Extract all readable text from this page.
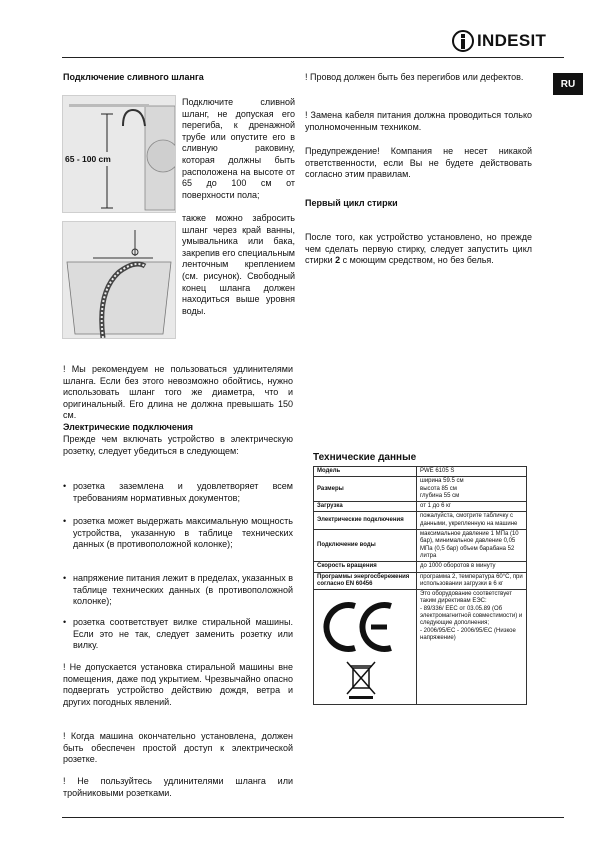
INDESIT
RU
Подключение сливного шланга
65 - 100 cm
Подключите сливной шланг, не допуская его перегиба, к дренажной трубе или опустите его в сливную раковину, которая должны быть расположена на высоте от 65 до 100 см от поверхности пола;
также можно забросить шланг через край ванны, умывальника или бака, закрепив его специальным ленточным креплением (см. рисунок). Свободный конец шланга должен находиться выше уровня воды.
! Мы рекомендуем не пользоваться удлинителями шланга. Если без этого невозможно обойтись, нужно использовать шланг того же диаметра, что и оригинальный. Его длина не должна превышать 150 см.
Электрические подключения
Прежде чем включать устройство в электрическую розетку, следует убедиться в следующем:
• розетка заземлена и удовлетворяет всем требованиям нормативных документов;
• розетка может выдержать максимальную мощность устройства, указанную в таблице технических данных (в противоположной колонке);
• напряжение питания лежит в пределах, указанных в таблице технических данных (в противоположной колонке);
• розетка соответствует вилке стиральной машины. Если это не так, следует заменить розетку или вилку.
! Не допускается установка стиральной машины вне помещения, даже под укрытием. Чрезвычайно опасно подвергать устройство действию дождя, ветра и других погодных явлений.
! Когда машина окончательно установлена, должен быть обеспечен простой доступ к электрической розетке.
! Не пользуйтесь удлинителями шланга или тройниковыми розетками.
! Провод должен быть без перегибов или дефектов.
! Замена кабеля питания должна проводиться только уполномоченным техником.
Предупреждение! Компания не несет никакой ответственности, если Вы не будете действовать согласно этим правилам.
Первый цикл стирки
После того, как устройство установлено, но прежде чем сделать первую стирку, следует запустить цикл стирки 2 с моющим средством, но без белья.
Технические данные
Модель	PWE 6105 S
Размеры	ширина 59.5 см
высота 85 см
глубина 55 см
Загрузка	от 1 до 6 кг
Электрические подключения	пожалуйста, смотрите табличку с данными, укрепленную на машине
Подключение воды	максимальное давление 1 МПа (10 бар), минимальное давление 0,05 МПа (0,5 бар) объем барабана 52 литра
Скорость вращения	до 1000 оборотов в минуту
Программы энергосбережения согласно EN 60456	программа 2, температура 60°C, при использовании загрузки в 6 кг
	Это оборудование соответствует таким директивам ЕЭС:
- 89/336/ ЕЕС от 03.05.89 (Об электромагнитной совместимости) и следующие дополнения;
- 2006/95/ЕС - 2006/95/ЕС (Низкое напряжение)
